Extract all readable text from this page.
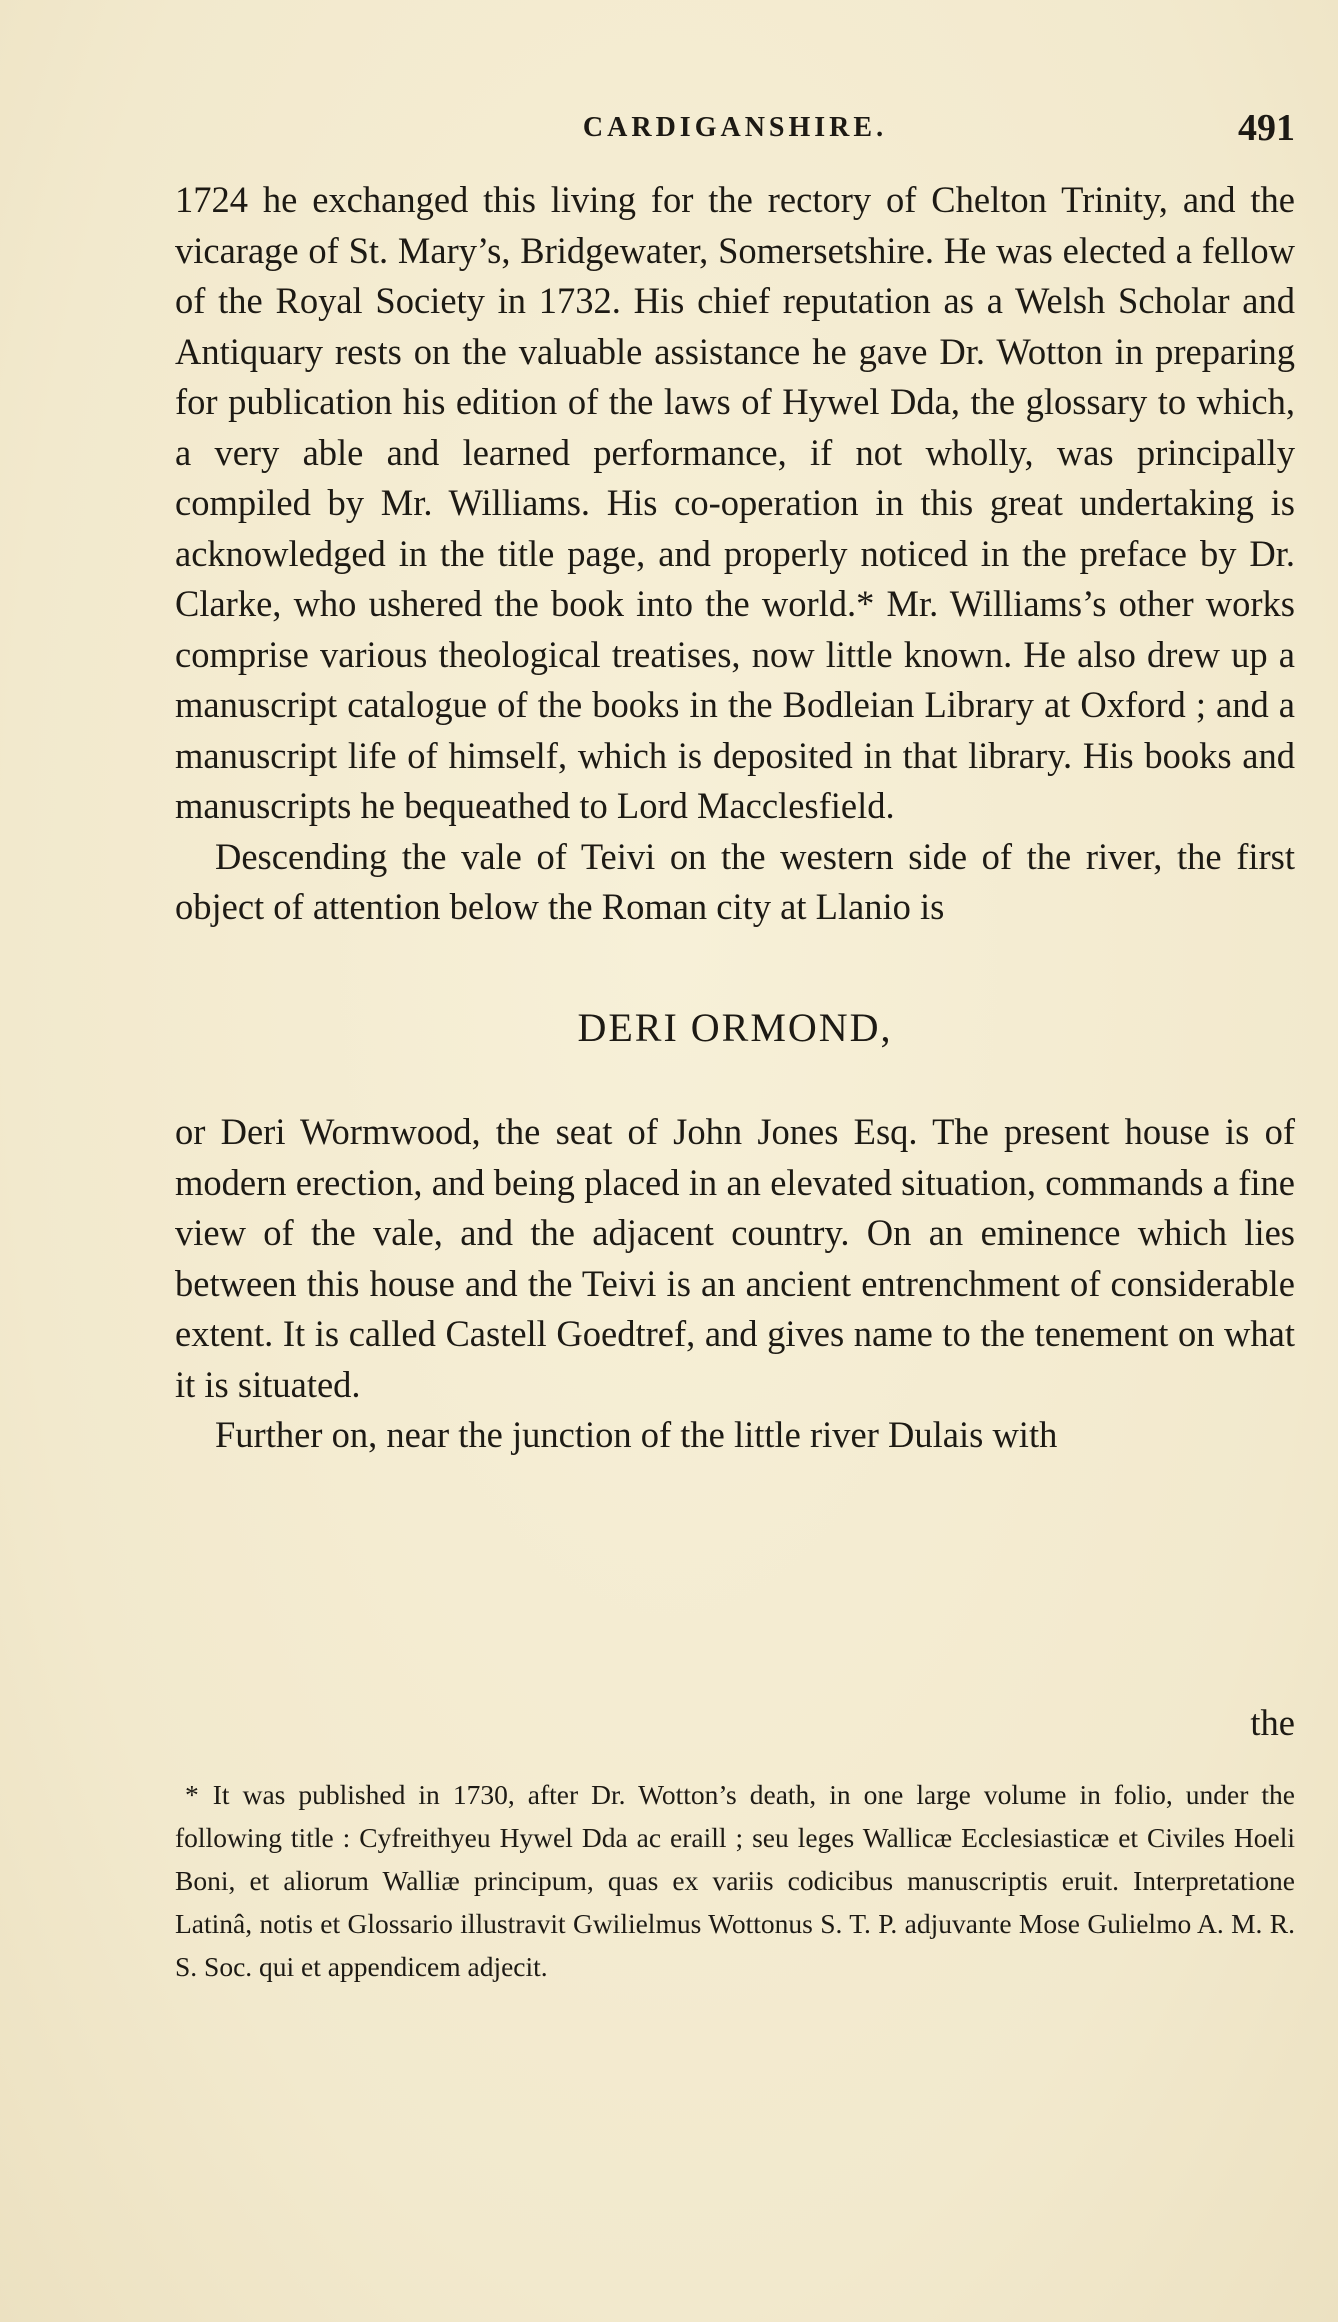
CARDIGANSHIRE.	491

1724 he exchanged this living for the rectory of Chelton Trinity, and the vicarage of St. Mary’s, Bridgewater, Somersetshire. He was elected a fellow of the Royal Society in 1732. His chief reputation as a Welsh Scholar and Antiquary rests on the valuable assistance he gave Dr. Wotton in preparing for publication his edition of the laws of Hywel Dda, the glossary to which, a very able and learned performance, if not wholly, was principally compiled by Mr. Williams. His co-operation in this great undertaking is acknowledged in the title page, and properly noticed in the preface by Dr. Clarke, who ushered the book into the world.* Mr. Williams’s other works comprise various theological treatises, now little known. He also drew up a manuscript catalogue of the books in the Bodleian Library at Oxford ; and a manuscript life of himself, which is deposited in that library. His books and manuscripts he bequeathed to Lord Macclesfield.

Descending the vale of Teivi on the western side of the river, the first object of attention below the Roman city at Llanio is

DERI ORMOND,

or Deri Wormwood, the seat of John Jones Esq. The present house is of modern erection, and being placed in an elevated situation, commands a fine view of the vale, and the adjacent country. On an eminence which lies between this house and the Teivi is an ancient entrenchment of considerable extent. It is called Castell Goedtref, and gives name to the tenement on what it is situated.

Further on, near the junction of the little river Dulais with

the

* It was published in 1730, after Dr. Wotton’s death, in one large volume in folio, under the following title : Cyfreithyeu Hywel Dda ac eraill ; seu leges Wallicæ Ecclesiasticæ et Civiles Hoeli Boni, et aliorum Walliæ principum, quas ex variis codicibus manuscriptis eruit. Interpretatione Latinâ, notis et Glossario illustravit Gwilielmus Wottonus S. T. P. adjuvante Mose Gulielmo A. M. R. S. Soc. qui et appendicem adjecit.
